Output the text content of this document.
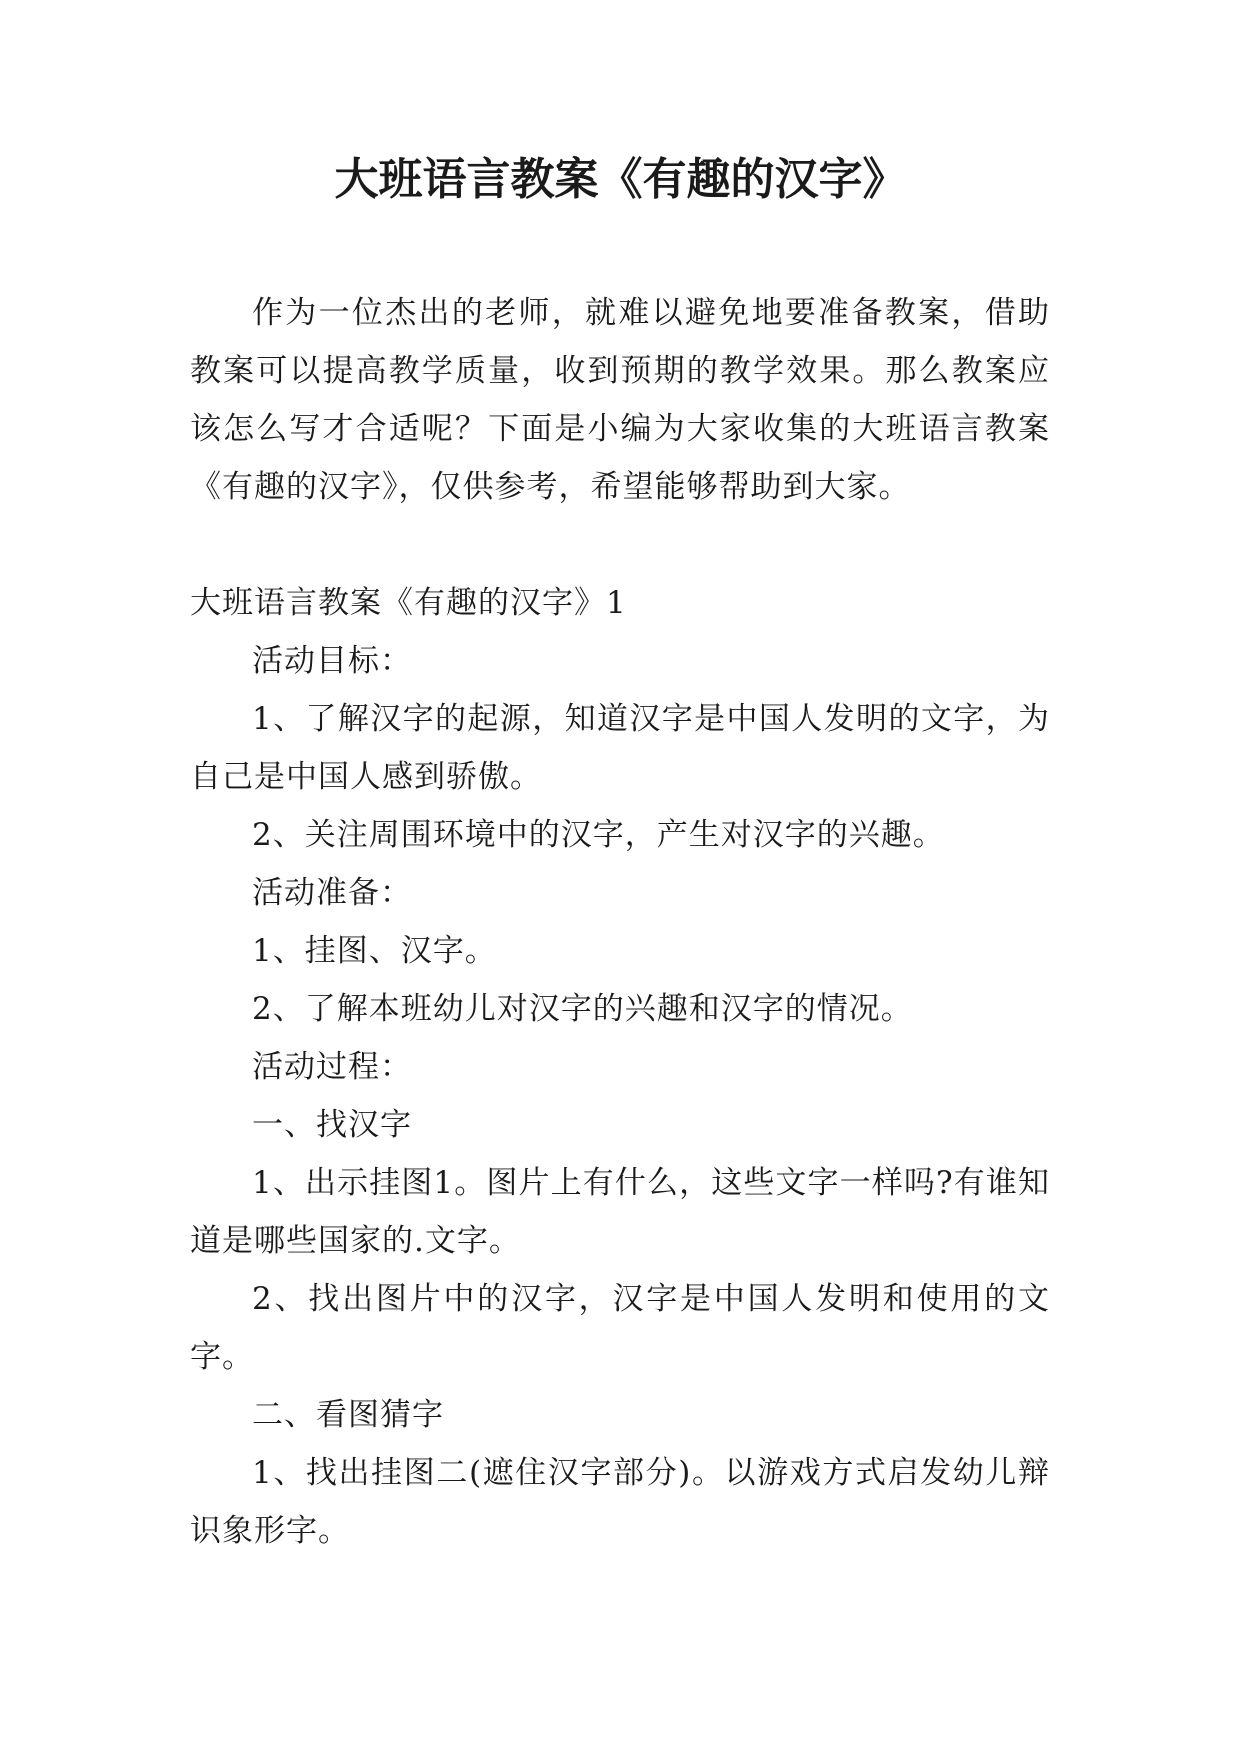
大班语言教案《有趣的汉字》

作为一位杰出的老师，就难以避免地要准备教案，借助教案可以提高教学质量，收到预期的教学效果。那么教案应该怎么写才合适呢？下面是小编为大家收集的大班语言教案《有趣的汉字》，仅供参考，希望能够帮助到大家。

大班语言教案《有趣的汉字》1

活动目标：

1、了解汉字的起源，知道汉字是中国人发明的文字，为自己是中国人感到骄傲。

2、关注周围环境中的汉字，产生对汉字的兴趣。

活动准备：

1、挂图、汉字。

2、了解本班幼儿对汉字的兴趣和汉字的情况。

活动过程：

一、找汉字

1、出示挂图1。图片上有什么，这些文字一样吗?有谁知道是哪些国家的.文字。

2、找出图片中的汉字，汉字是中国人发明和使用的文字。

二、看图猜字

1、找出挂图二(遮住汉字部分)。以游戏方式启发幼儿辩识象形字。
